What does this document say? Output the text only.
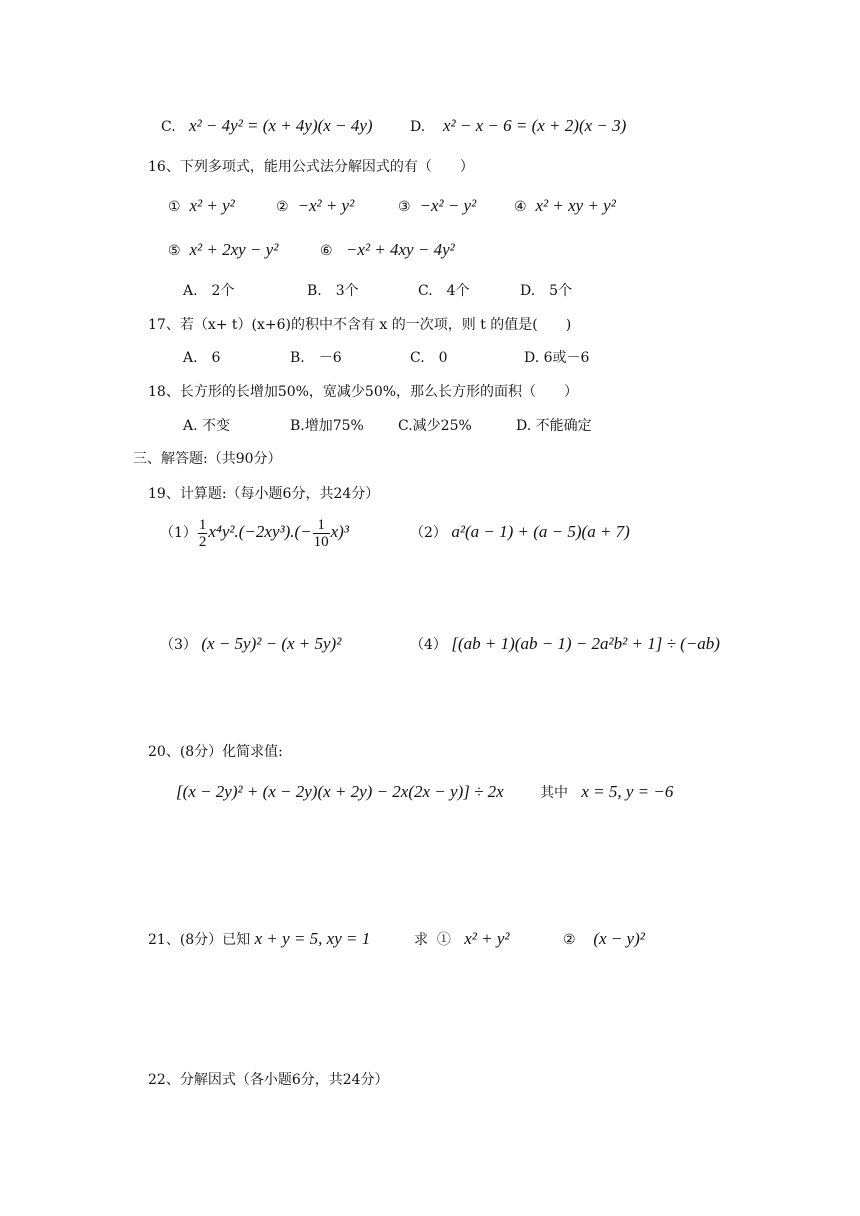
C. x² − 4y² = (x + 4y)(x − 4y)	D. x² − x − 6 = (x + 2)(x − 3)
16、下列多项式，能用公式法分解因式的有（　　）
① x² + y²	② −x² + y²	③ −x² − y²	④ x² + xy + y²
⑤ x² + 2xy − y²	⑥ −x² + 4xy − 4y²
A.　2个	B.　3个	C.　4个	D.　5个
17、若（x+ t）(x+6)的积中不含有 x 的一次项，则 t 的值是(　　)
A.　6	B.　－6	C.　0	D. 6或－6
18、长方形的长增加50%，宽减少50%，那么长方形的面积（　　）
A. 不变	B.增加75% C.减少25%	D. 不能确定
三、解答题:（共90分）
19、计算题:（每小题6分，共24分）
$(1) \frac{1}{2} x^4y^2.(-2xy^3).(- \frac{1}{10} x)^3$	（2） a²(a − 1) + (a − 5)(a + 7)
（3） (x − 5y)² − (x + 5y)²	（4） [(ab + 1)(ab − 1) − 2a²b² + 1] ÷ (−ab)
20、(8分）化简求值:
[(x − 2y)² + (x − 2y)(x + 2y) − 2x(2x − y)] ÷ 2x	其中 x = 5, y = −6
21、(8分）已知 x + y = 5, xy = 1	求 ① x² + y²	② (x − y)²
22、分解因式（各小题6分，共24分）
